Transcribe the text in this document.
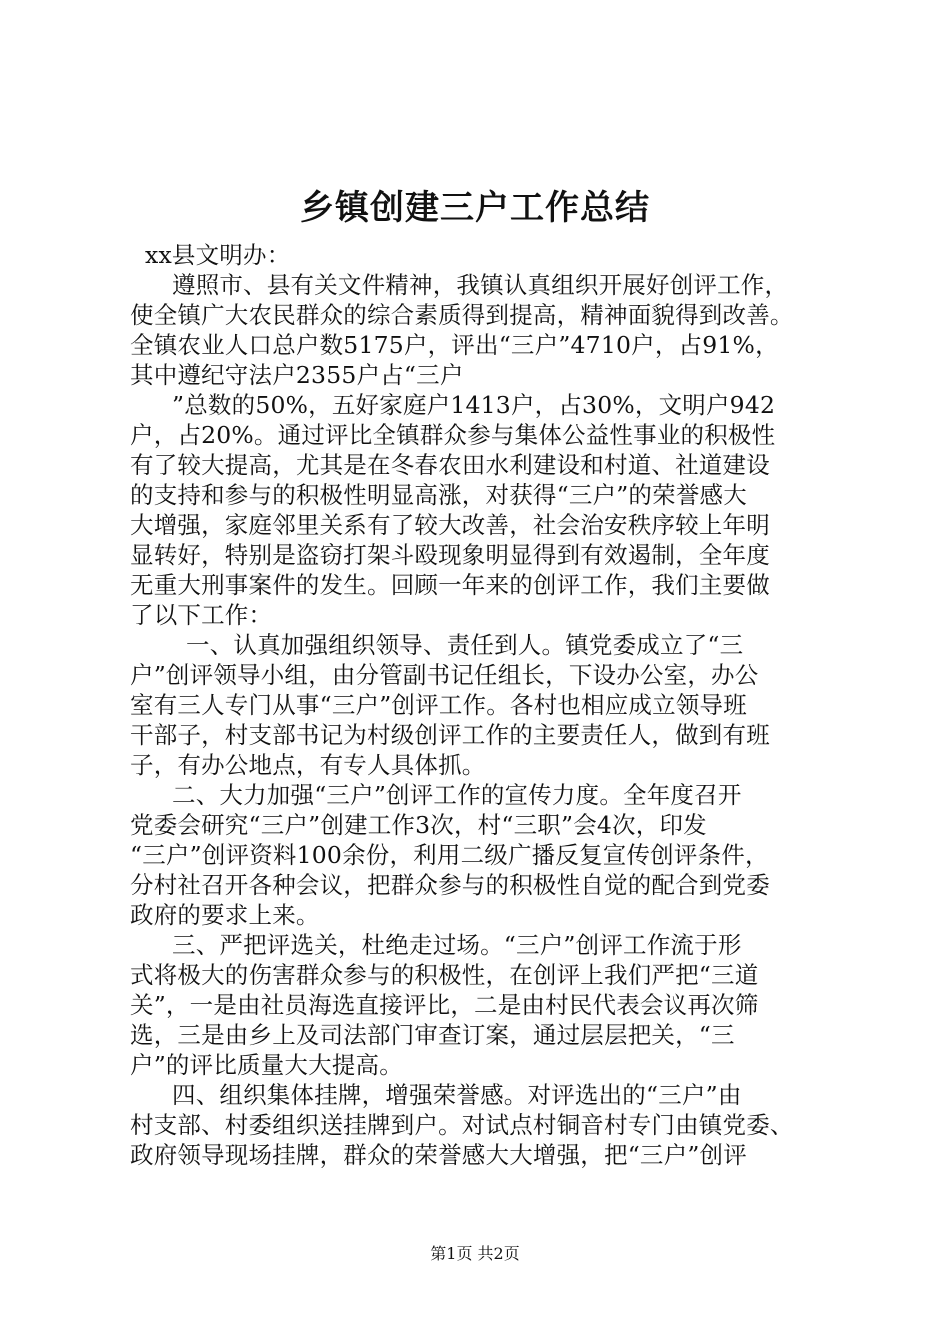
乡镇创建三户工作总结
xx县文明办：
遵照市、县有关文件精神，我镇认真组织开展好创评工作，
使全镇广大农民群众的综合素质得到提高，精神面貌得到改善。
全镇农业人口总户数5175户，评出“三户”4710户，占91%，
其中遵纪守法户2355户占“三户
”总数的50%，五好家庭户1413户，占30%，文明户942
户，占20%。通过评比全镇群众参与集体公益性事业的积极性
有了较大提高，尤其是在冬春农田水利建设和村道、社道建设
的支持和参与的积极性明显高涨，对获得“三户”的荣誉感大
大增强，家庭邻里关系有了较大改善，社会治安秩序较上年明
显转好，特别是盗窃打架斗殴现象明显得到有效遏制，全年度
无重大刑事案件的发生。回顾一年来的创评工作，我们主要做
了以下工作：
一、认真加强组织领导、责任到人。镇党委成立了“三
户”创评领导小组，由分管副书记任组长，下设办公室，办公
室有三人专门从事“三户”创评工作。各村也相应成立领导班
干部子，村支部书记为村级创评工作的主要责任人，做到有班
子，有办公地点，有专人具体抓。
二、大力加强“三户”创评工作的宣传力度。全年度召开
党委会研究“三户”创建工作3次，村“三职”会4次，印发
“三户”创评资料100余份，利用二级广播反复宣传创评条件，
分村社召开各种会议，把群众参与的积极性自觉的配合到党委
政府的要求上来。
三、严把评选关，杜绝走过场。“三户”创评工作流于形
式将极大的伤害群众参与的积极性，在创评上我们严把“三道
关”，一是由社员海选直接评比，二是由村民代表会议再次筛
选，三是由乡上及司法部门审查订案，通过层层把关，“三
户”的评比质量大大提高。
四、组织集体挂牌，增强荣誉感。对评选出的“三户”由
村支部、村委组织送挂牌到户。对试点村铜音村专门由镇党委、
政府领导现场挂牌，群众的荣誉感大大增强，把“三户”创评
第1页 共2页
